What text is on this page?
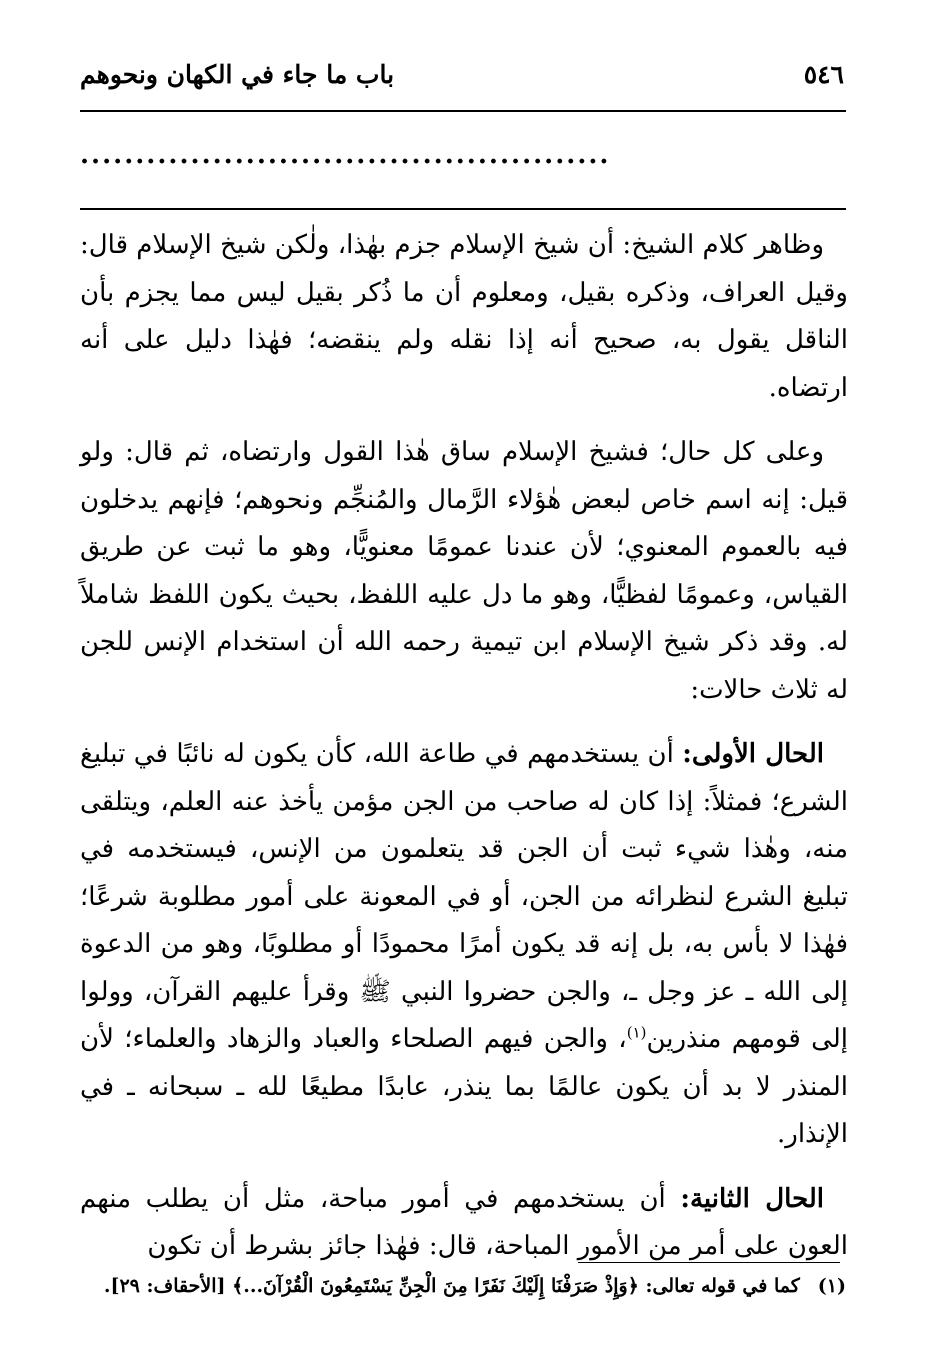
٥٤٦
باب ما جاء في الكهان ونحوهم
................................................

وظاهر كلام الشيخ: أن شيخ الإسلام جزم بهٰذا، ولٰكن شيخ الإسلام قال: وقيل العراف، وذكره بقيل، ومعلوم أن ما ذُكر بقيل ليس مما يجزم بأن الناقل يقول به، صحيح أنه إذا نقله ولم ينقضه؛ فهٰذا دليل على أنه ارتضاه.

وعلى كل حال؛ فشيخ الإسلام ساق هٰذا القول وارتضاه، ثم قال: ولو قيل: إنه اسم خاص لبعض هٰؤلاء الرَّمال والمُنجِّم ونحوهم؛ فإنهم يدخلون فيه بالعموم المعنوي؛ لأن عندنا عمومًا معنويًّا، وهو ما ثبت عن طريق القياس، وعمومًا لفظيًّا، وهو ما دل عليه اللفظ، بحيث يكون اللفظ شاملاً له. وقد ذكر شيخ الإسلام ابن تيمية رحمه الله أن استخدام الإنس للجن له ثلاث حالات:

الحال الأولى: أن يستخدمهم في طاعة الله، كأن يكون له نائبًا في تبليغ الشرع؛ فمثلاً: إذا كان له صاحب من الجن مؤمن يأخذ عنه العلم، ويتلقى منه، وهٰذا شيء ثبت أن الجن قد يتعلمون من الإنس، فيستخدمه في تبليغ الشرع لنظرائه من الجن، أو في المعونة على أمور مطلوبة شرعًا؛ فهٰذا لا بأس به، بل إنه قد يكون أمرًا محمودًا أو مطلوبًا، وهو من الدعوة إلى الله ـ عز وجل ـ، والجن حضروا النبي ﷺ وقرأ عليهم القرآن، وولوا إلى قومهم منذرين$^{(١)}$، والجن فيهم الصلحاء والعباد والزهاد والعلماء؛ لأن المنذر لا بد أن يكون عالمًا بما ينذر، عابدًا مطيعًا لله ـ سبحانه ـ في الإنذار.

الحال الثانية: أن يستخدمهم في أمور مباحة، مثل أن يطلب منهم العون على أمر من الأمور المباحة، قال: فهٰذا جائز بشرط أن تكون

(١)
كما في قوله تعالى: ﴿وَإِذْ صَرَفْنَا إِلَيْكَ نَفَرًا مِنَ الْجِنِّ يَسْتَمِعُونَ الْقُرْآنَ...﴾ [الأحقاف: ٢٩].
